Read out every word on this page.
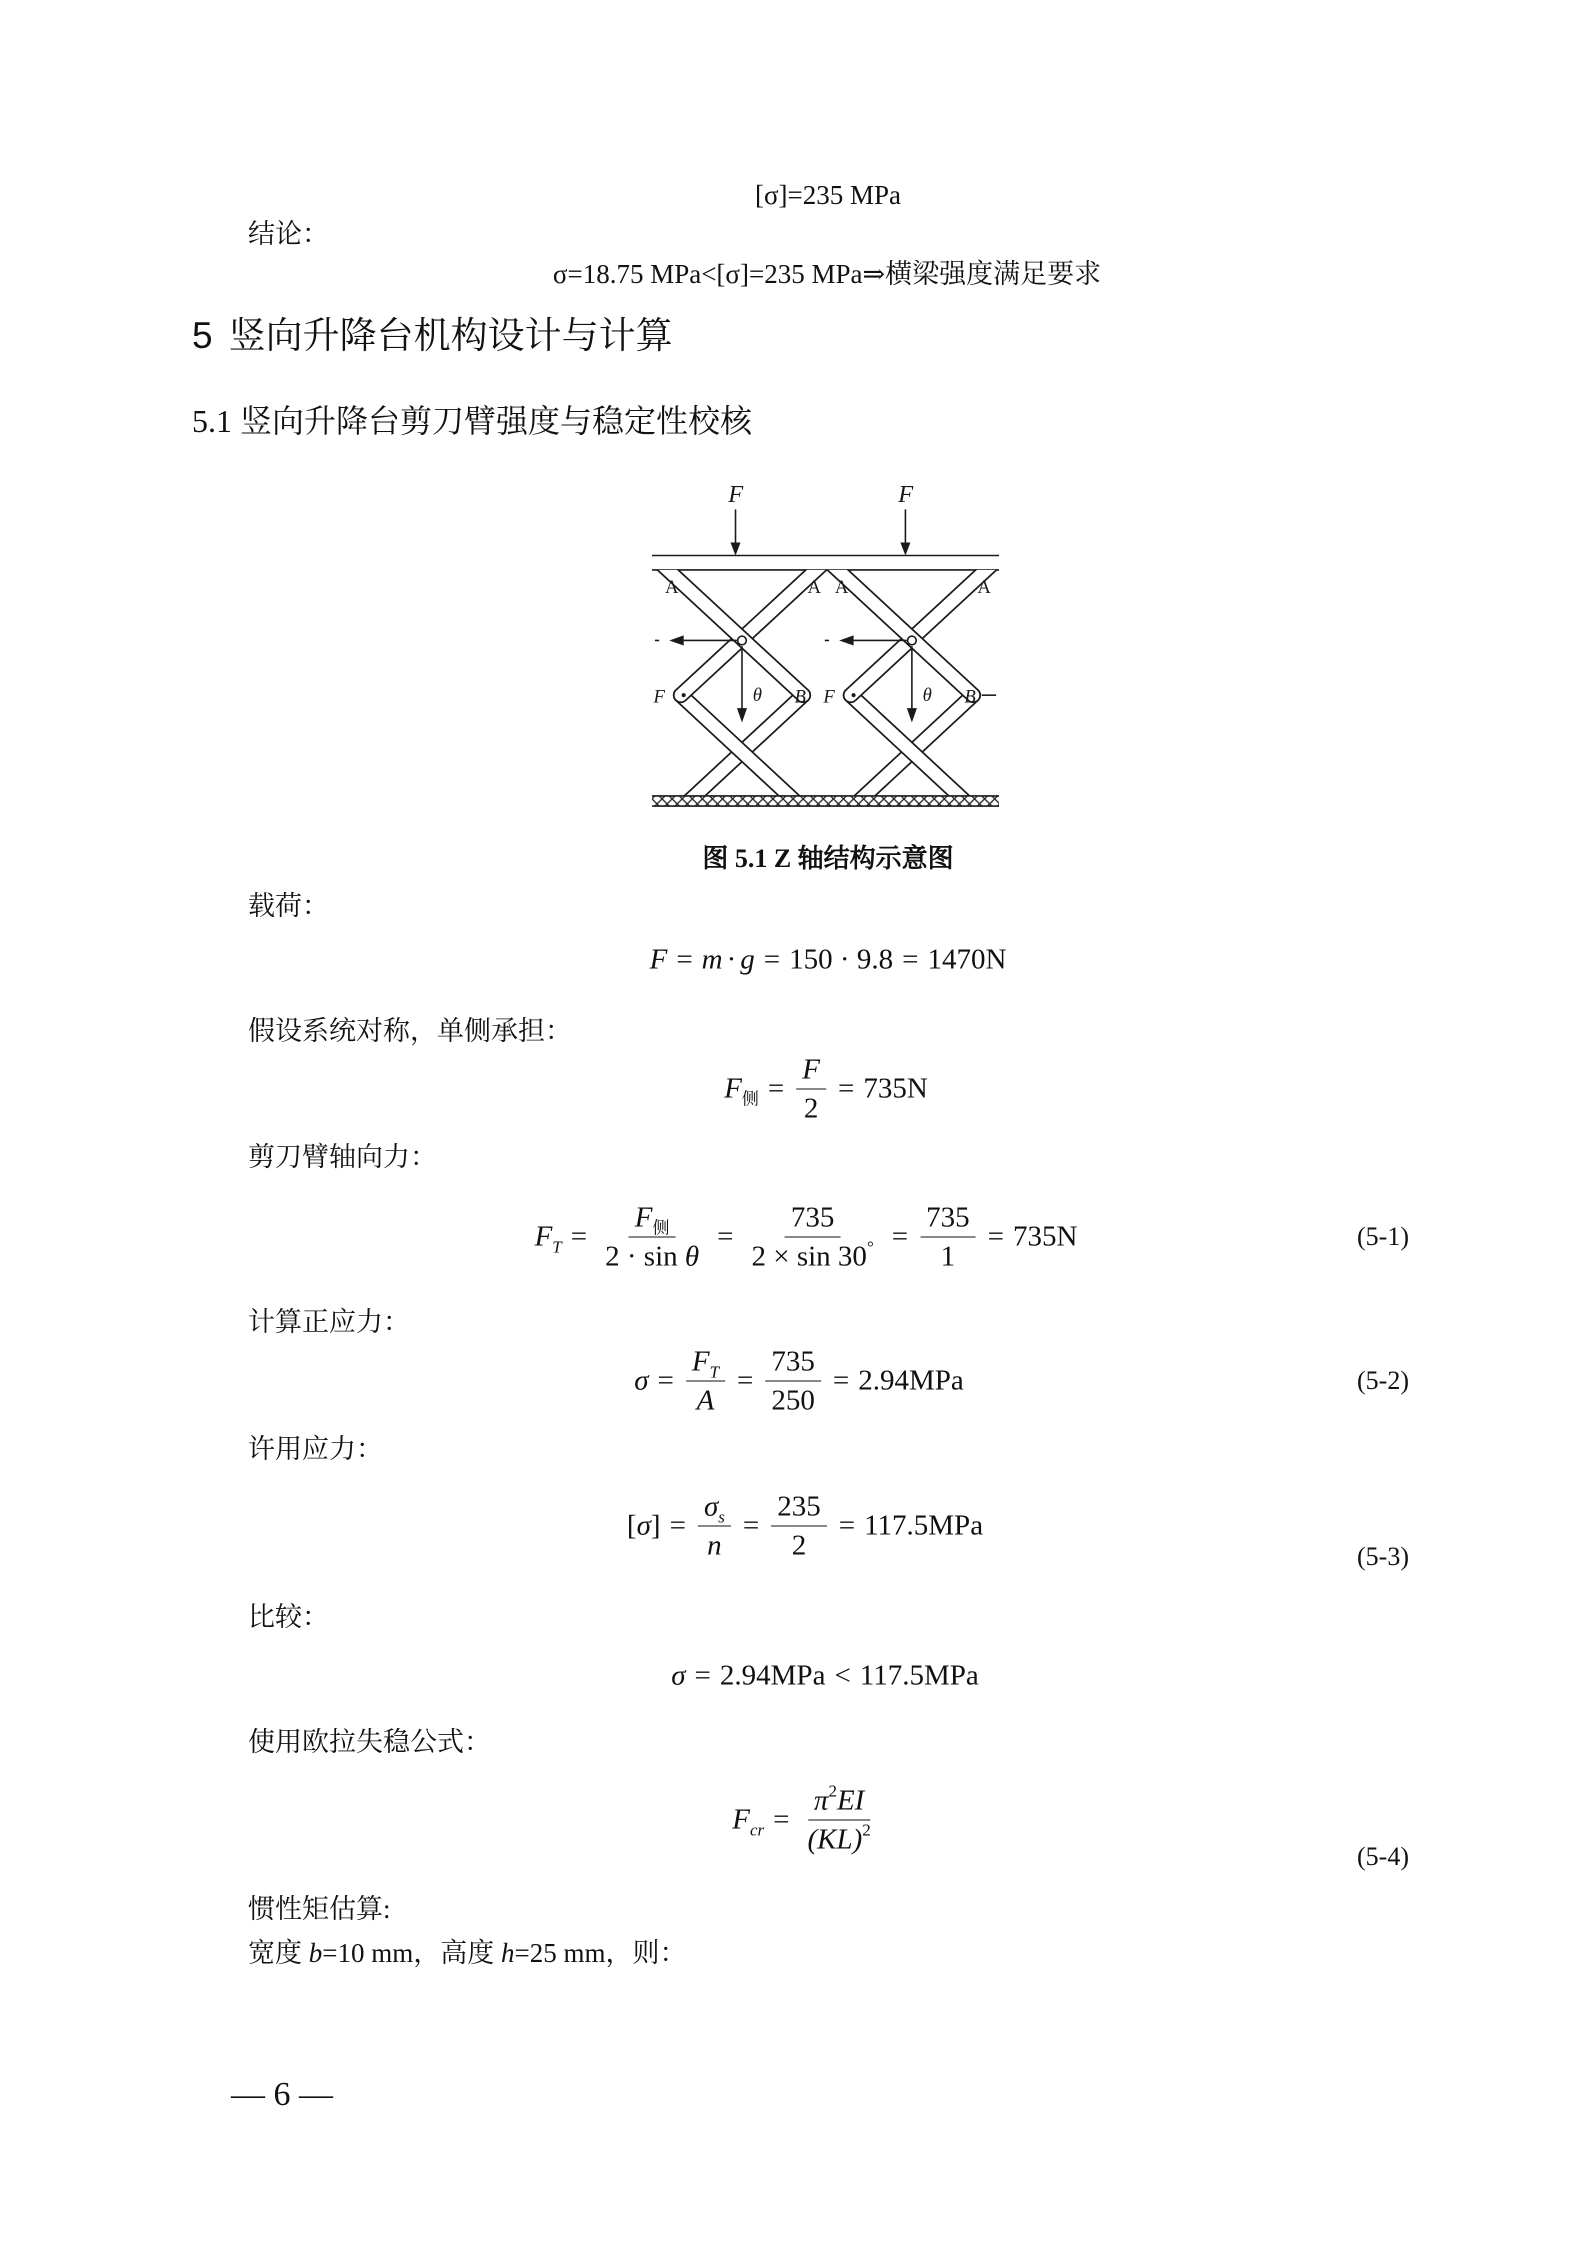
[σ]=235 MPa
结论：
σ=18.75 MPa<[σ]=235 MPa⇒横梁强度满足要求
5 竖向升降台机构设计与计算
5.1 竖向升降台剪刀臂强度与稳定性校核
F	F
A	A
F	B
θ
A	A
F	B
θ
图 5.1 Z 轴结构示意图
载荷：
F = m · g = 150 · 9.8 = 1470N
假设系统对称，单侧承担：
$F_侧 = \frac{F}{2} = 735N$
剪刀臂轴向力：
$F_T = \frac{F_侧}{\text{2 · sin θ}} = \frac{735}{2 \times \sin 30^\circ} = \frac{735}{1} = 735N$	(5-1)
计算正应力：
$\sigma = \frac{F_T}{A} = \frac{735}{250} = 2.94MPa$	(5-2)
许用应力：
$[\sigma] = \frac{\sigma_s}{n} = \frac{235}{2} = 117.5MPa$
(5-3)
比较：
σ = 2.94MPa < 117.5MPa
使用欧拉失稳公式：
$F_{cr} = \frac{\pi^2EI}{(KL)^2}$	(5-4)
惯性矩估算:
宽度 b=10 mm，高度 h=25 mm，则：
— 6 —
